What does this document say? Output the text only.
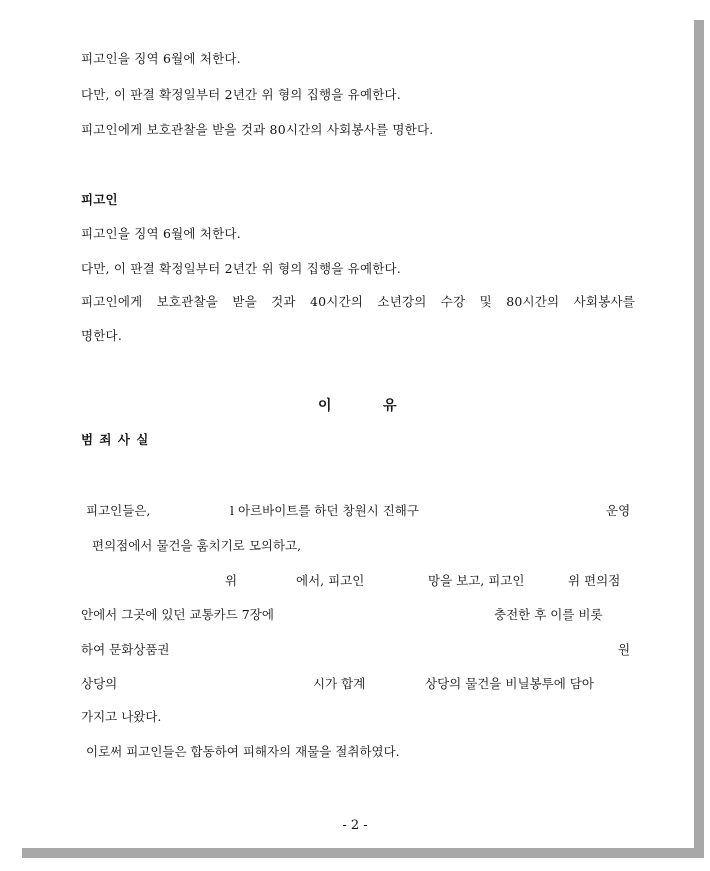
피고인을 징역 6월에 처한다.
다만, 이 판결 확정일부터 2년간 위 형의 집행을 유예한다.
피고인에게 보호관찰을 받을 것과 80시간의 사회봉사를 명한다.
피고인
피고인을 징역 6월에 처한다.
다만, 이 판결 확정일부터 2년간 위 형의 집행을 유예한다.
피고인에게 보호관찰을 받을 것과 40시간의 소년강의 수강 및 80시간의 사회봉사를
명한다.
이	유
범 죄 사 실
피고인들은,	l 아르바이트를 하던 창원시 진해구	운영
편의점에서 물건을 훔치기로 모의하고,
위	에서, 피고인	망을 보고, 피고인	위 편의점
안에서 그곳에 있던 교통카드 7장에	충전한 후 이를 비롯
하여 문화상품권	원
상당의	시가 합계	상당의 물건을 비닐봉투에 담아
가지고 나왔다.
이로써 피고인들은 합동하여 피해자의 재물을 절취하였다.
- 2 -
